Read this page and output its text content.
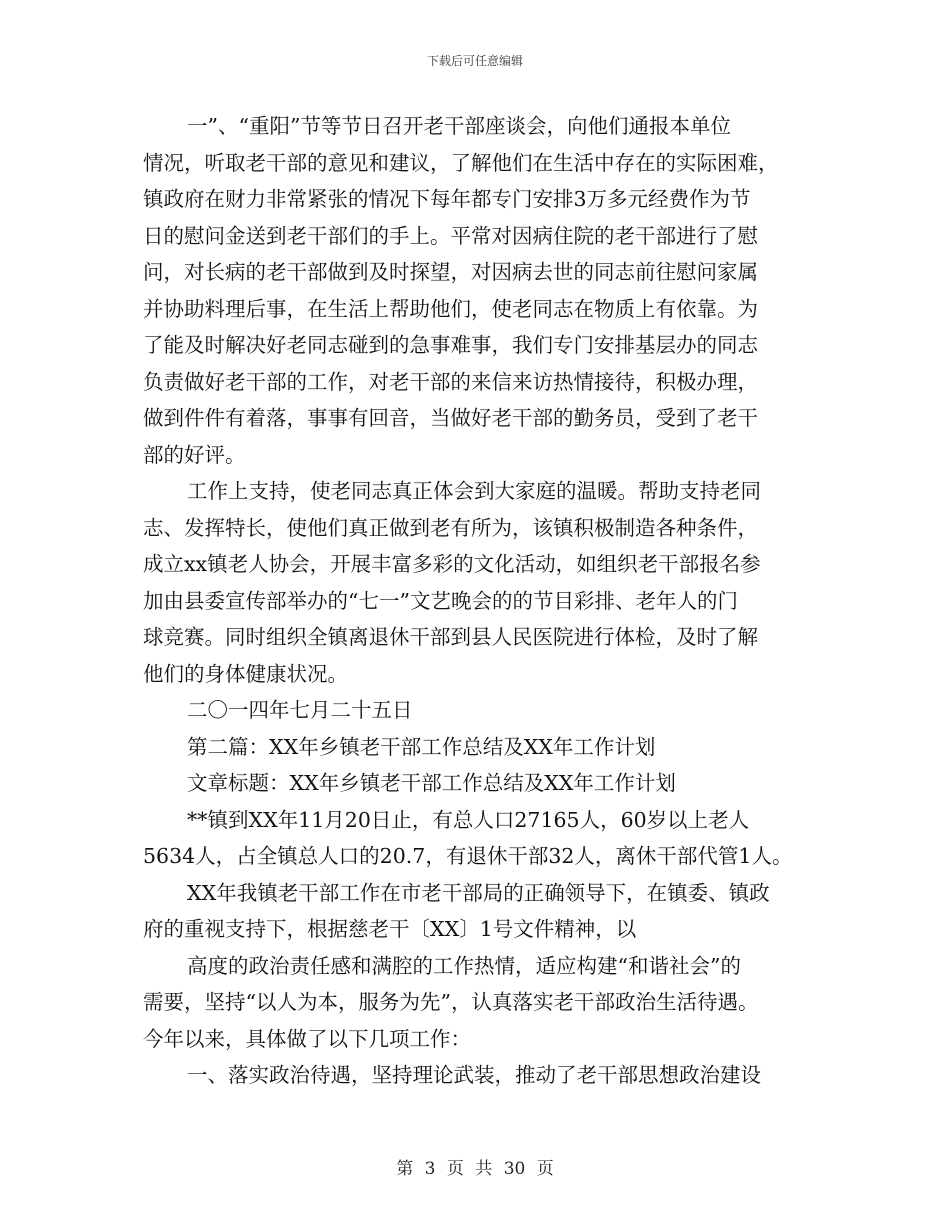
下载后可任意编辑
一”、“重阳”节等节日召开老干部座谈会，向他们通报本单位
情况，听取老干部的意见和建议，了解他们在生活中存在的实际困难，
镇政府在财力非常紧张的情况下每年都专门安排3万多元经费作为节
日的慰问金送到老干部们的手上。平常对因病住院的老干部进行了慰
问，对长病的老干部做到及时探望，对因病去世的同志前往慰问家属
并协助料理后事，在生活上帮助他们，使老同志在物质上有依靠。为
了能及时解决好老同志碰到的急事难事，我们专门安排基层办的同志
负责做好老干部的工作，对老干部的来信来访热情接待，积极办理，
做到件件有着落，事事有回音，当做好老干部的勤务员，受到了老干
部的好评。
工作上支持，使老同志真正体会到大家庭的温暖。帮助支持老同
志、发挥特长，使他们真正做到老有所为，该镇积极制造各种条件，
成立xx镇老人协会，开展丰富多彩的文化活动，如组织老干部报名参
加由县委宣传部举办的“七一”文艺晚会的的节目彩排、老年人的门
球竞赛。同时组织全镇离退休干部到县人民医院进行体检，及时了解
他们的身体健康状况。
二〇一四年七月二十五日
第二篇：XX年乡镇老干部工作总结及XX年工作计划
文章标题：XX年乡镇老干部工作总结及XX年工作计划
**镇到XX年11月20日止，有总人口27165人，60岁以上老人
5634人，占全镇总人口的20.7，有退休干部32人，离休干部代管1人。
XX年我镇老干部工作在市老干部局的正确领导下，在镇委、镇政
府的重视支持下，根据慈老干〔XX〕1号文件精神，以
高度的政治责任感和满腔的工作热情，适应构建“和谐社会”的
需要，坚持“以人为本，服务为先”，认真落实老干部政治生活待遇。
今年以来，具体做了以下几项工作：
一、落实政治待遇，坚持理论武装，推动了老干部思想政治建设
第 3 页 共 30 页
